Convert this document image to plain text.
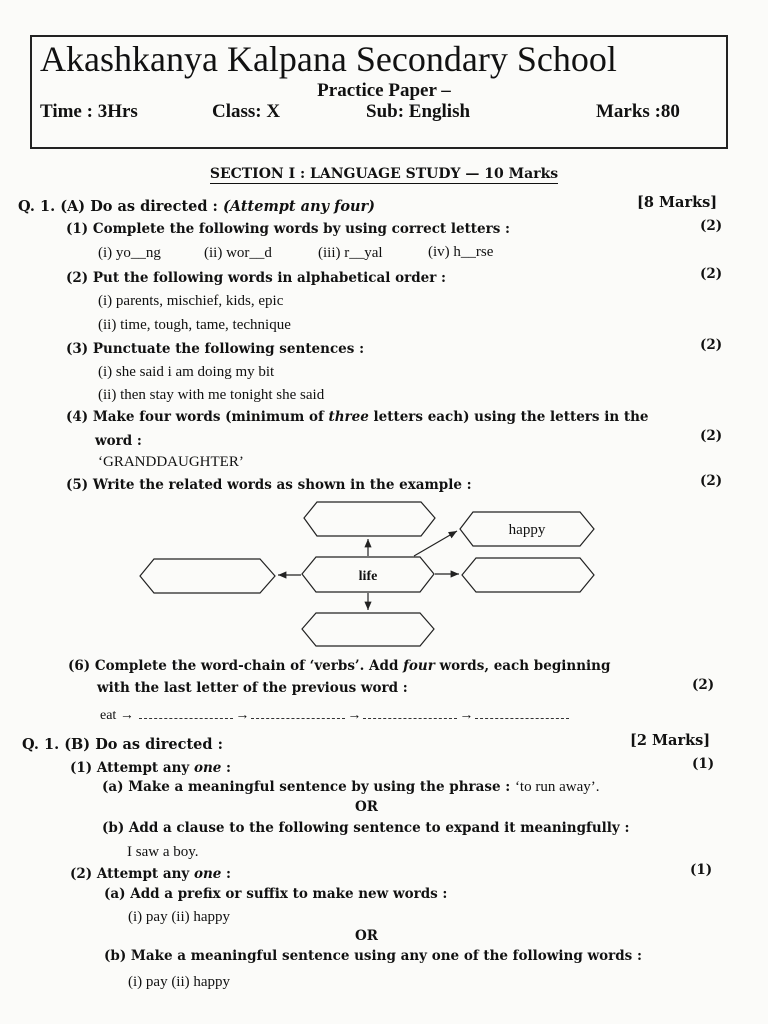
Akashkanya Kalpana Secondary School
Practice Paper –
Time : 3Hrs	Class: X	Sub: English	Marks :80
SECTION I : LANGUAGE STUDY — 10 Marks
Q. 1. (A) Do as directed : (Attempt any four)	[8 Marks]
(1) Complete the following words by using correct letters :	(2)
(i) yo__ng	(ii) wor__d	(iii) r__yal	(iv) h__rse
(2) Put the following words in alphabetical order :	(2)
(i) parents, mischief, kids, epic
(ii) time, tough, tame, technique
(3) Punctuate the following sentences :	(2)
(i) she said i am doing my bit
(ii) then stay with me tonight she said
(4) Make four words (minimum of three letters each) using the letters in the
word :	(2)
‘GRANDDAUGHTER’
(5) Write the related words as shown in the example :	(2)
life
happy
(6) Complete the word-chain of ‘verbs’. Add four words, each beginning
with the last letter of the previous word :	(2)
eat →	→	→	→
Q. 1. (B) Do as directed :	[2 Marks]
(1) Attempt any one :	(1)
(a) Make a meaningful sentence by using the phrase : ‘to run away’.
OR
(b) Add a clause to the following sentence to expand it meaningfully :
I saw a boy.
(2) Attempt any one :	(1)
(a) Add a prefix or suffix to make new words :
(i) pay (ii) happy
OR
(b) Make a meaningful sentence using any one of the following words :
(i) pay (ii) happy
